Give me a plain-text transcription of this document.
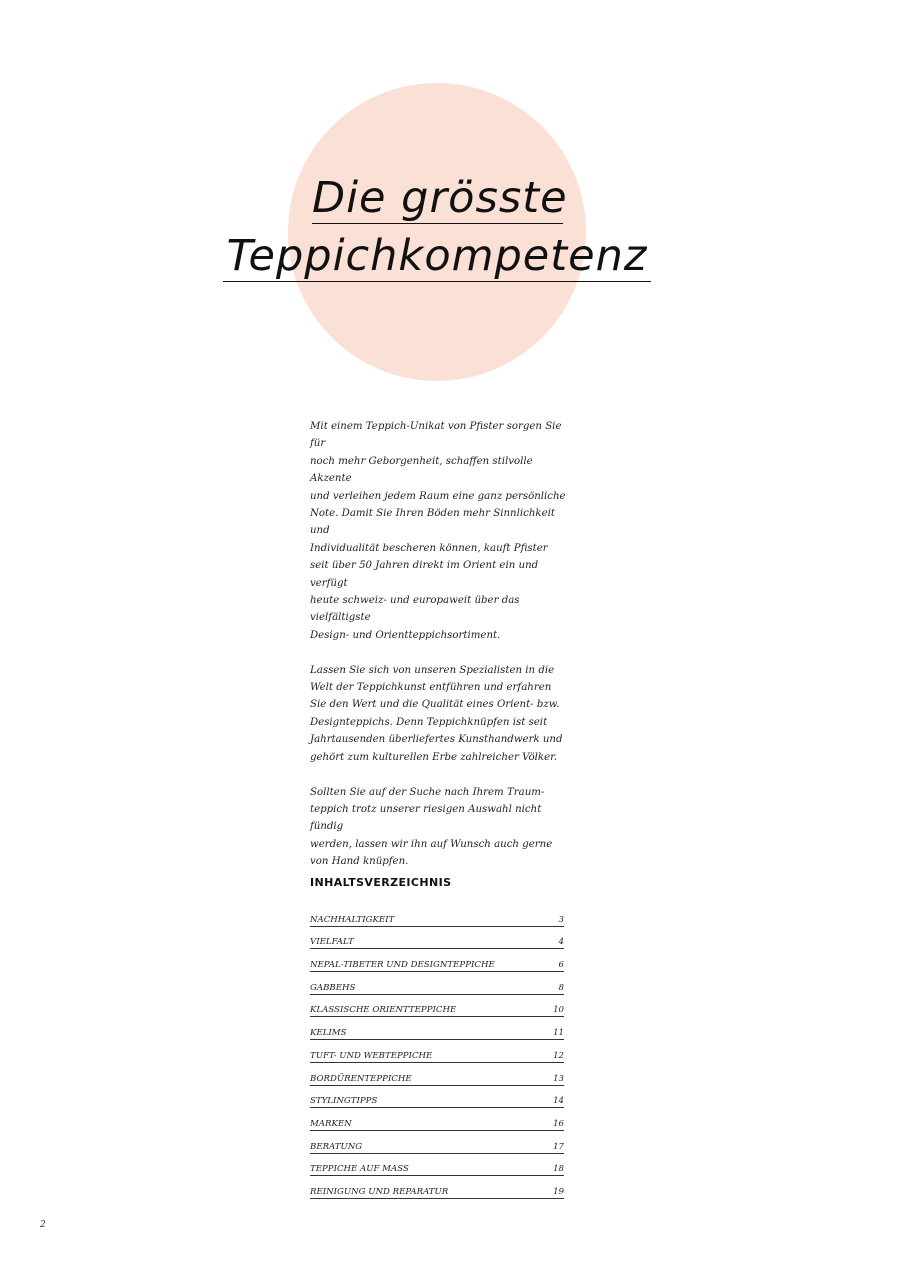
Die grösste
Teppichkompetenz

Mit einem Teppich-Unikat von Pfister sorgen Sie für
noch mehr Geborgenheit, schaffen stilvolle Akzente
und verleihen jedem Raum eine ganz persönliche
Note. Damit Sie Ihren Böden mehr Sinnlichkeit und
Individualität bescheren können, kauft Pfister
seit über 50 Jahren direkt im Orient ein und verfügt
heute schweiz- und europaweit über das vielfältigste
Design- und Orientteppichsortiment.

Lassen Sie sich von unseren Spezialisten in die
Welt der Teppichkunst entführen und erfahren
Sie den Wert und die Qualität eines Orient- bzw.
Designteppichs. Denn Teppichknüpfen ist seit
Jahrtausenden überliefertes Kunsthandwerk und
gehört zum kulturellen Erbe zahlreicher Völker.

Sollten Sie auf der Suche nach Ihrem Traum-
teppich trotz unserer riesigen Auswahl nicht fündig
werden, lassen wir ihn auf Wunsch auch gerne
von Hand knüpfen.

INHALTSVERZEICHNIS
NACHHALTIGKEIT	3
VIELFALT	4
NEPAL-TIBETER UND DESIGNTEPPICHE	6
GABBEHS	8
KLASSISCHE ORIENTTEPPICHE	10
KELIMS	11
TUFT- UND WEBTEPPICHE	12
BORDÜRENTEPPICHE	13
STYLINGTIPPS	14
MARKEN	16
BERATUNG	17
TEPPICHE AUF MASS	18
REINIGUNG UND REPARATUR	19
2
